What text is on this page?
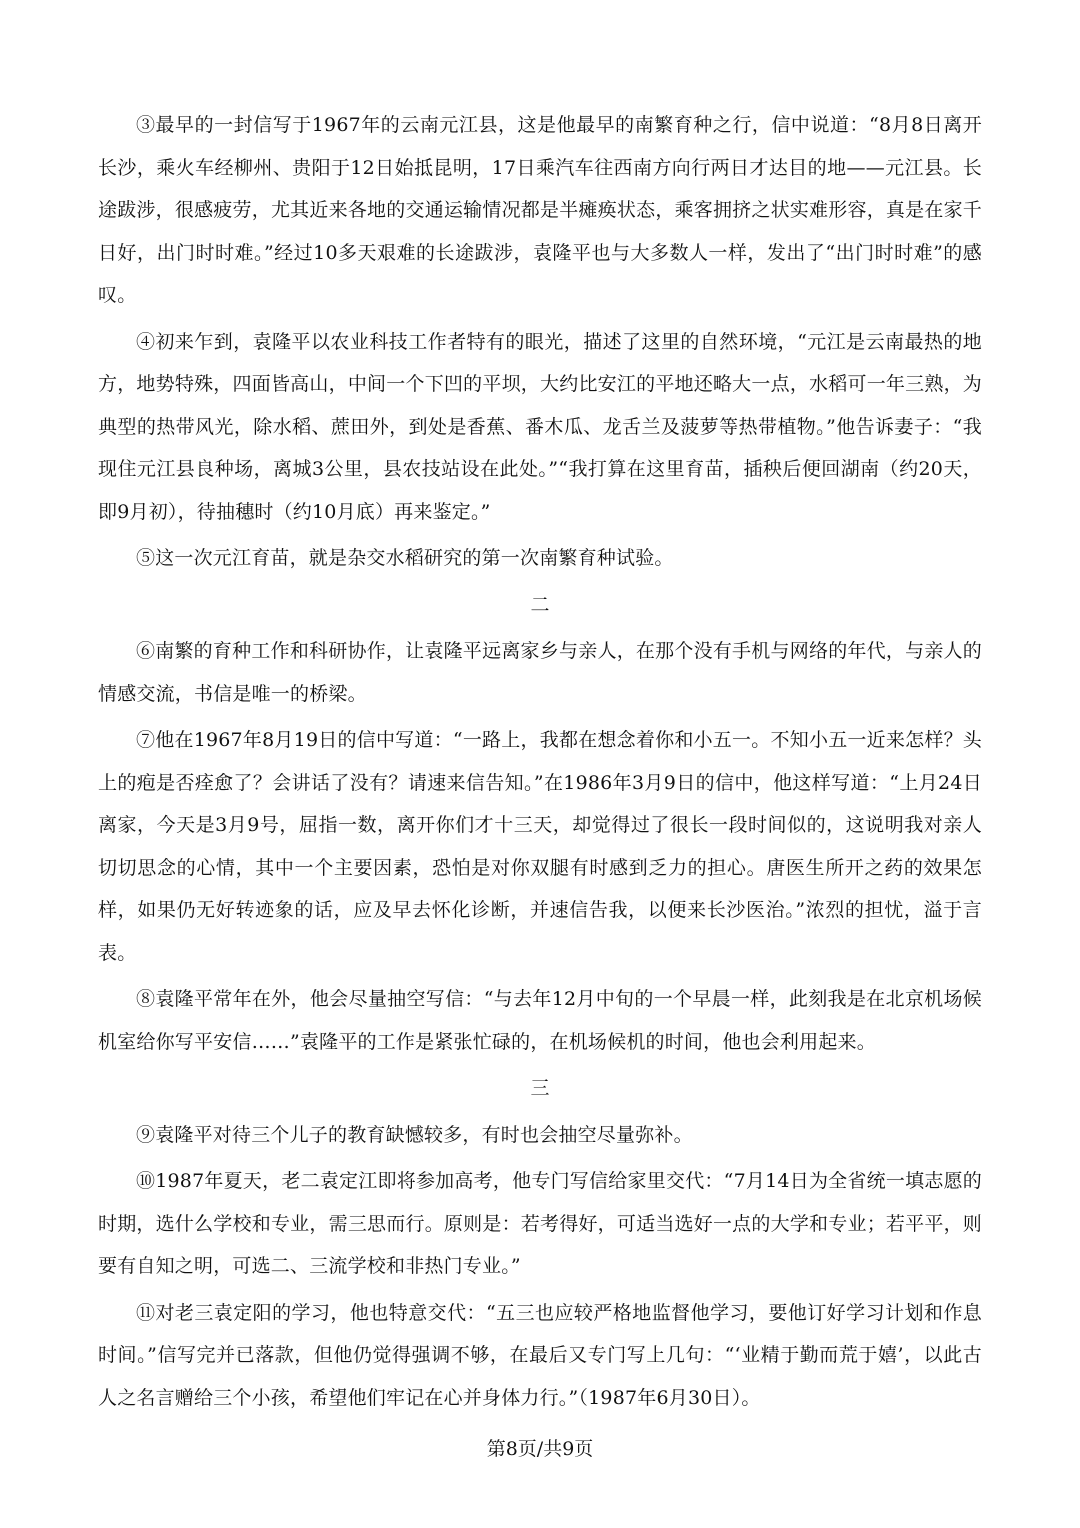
③最早的一封信写于1967年的云南元江县，这是他最早的南繁育种之行，信中说道：“8月8日离开长沙，乘火车经柳州、贵阳于12日始抵昆明，17日乘汽车往西南方向行两日才达目的地——元江县。长途跋涉，很感疲劳，尤其近来各地的交通运输情况都是半瘫痪状态，乘客拥挤之状实难形容，真是在家千日好，出门时时难。”经过10多天艰难的长途跋涉，袁隆平也与大多数人一样，发出了“出门时时难”的感叹。

④初来乍到，袁隆平以农业科技工作者特有的眼光，描述了这里的自然环境，“元江是云南最热的地方，地势特殊，四面皆高山，中间一个下凹的平坝，大约比安江的平地还略大一点，水稻可一年三熟，为典型的热带风光，除水稻、蔗田外，到处是香蕉、番木瓜、龙舌兰及菠萝等热带植物。”他告诉妻子：“我现住元江县良种场，离城3公里，县农技站设在此处。”“我打算在这里育苗，插秧后便回湖南（约20天，即9月初），待抽穗时（约10月底）再来鉴定。”

⑤这一次元江育苗，就是杂交水稻研究的第一次南繁育种试验。

二

⑥南繁的育种工作和科研协作，让袁隆平远离家乡与亲人，在那个没有手机与网络的年代，与亲人的情感交流，书信是唯一的桥梁。

⑦他在1967年8月19日的信中写道：“一路上，我都在想念着你和小五一。不知小五一近来怎样？头上的疱是否痊愈了？会讲话了没有？请速来信告知。”在1986年3月9日的信中，他这样写道：“上月24日离家，今天是3月9号，屈指一数，离开你们才十三天，却觉得过了很长一段时间似的，这说明我对亲人切切思念的心情，其中一个主要因素，恐怕是对你双腿有时感到乏力的担心。唐医生所开之药的效果怎样，如果仍无好转迹象的话，应及早去怀化诊断，并速信告我，以便来长沙医治。”浓烈的担忧，溢于言表。

⑧袁隆平常年在外，他会尽量抽空写信：“与去年12月中旬的一个早晨一样，此刻我是在北京机场候机室给你写平安信……”袁隆平的工作是紧张忙碌的，在机场候机的时间，他也会利用起来。

三

⑨袁隆平对待三个儿子的教育缺憾较多，有时也会抽空尽量弥补。

⑩1987年夏天，老二袁定江即将参加高考，他专门写信给家里交代：“7月14日为全省统一填志愿的时期，选什么学校和专业，需三思而行。原则是：若考得好，可适当选好一点的大学和专业；若平平，则要有自知之明，可选二、三流学校和非热门专业。”

⑪对老三袁定阳的学习，他也特意交代：“五三也应较严格地监督他学习，要他订好学习计划和作息时间。”信写完并已落款，但他仍觉得强调不够，在最后又专门写上几句：“‘业精于勤而荒于嬉’，以此古人之名言赠给三个小孩，希望他们牢记在心并身体力行。”（1987年6月30日）。

第8页/共9页
